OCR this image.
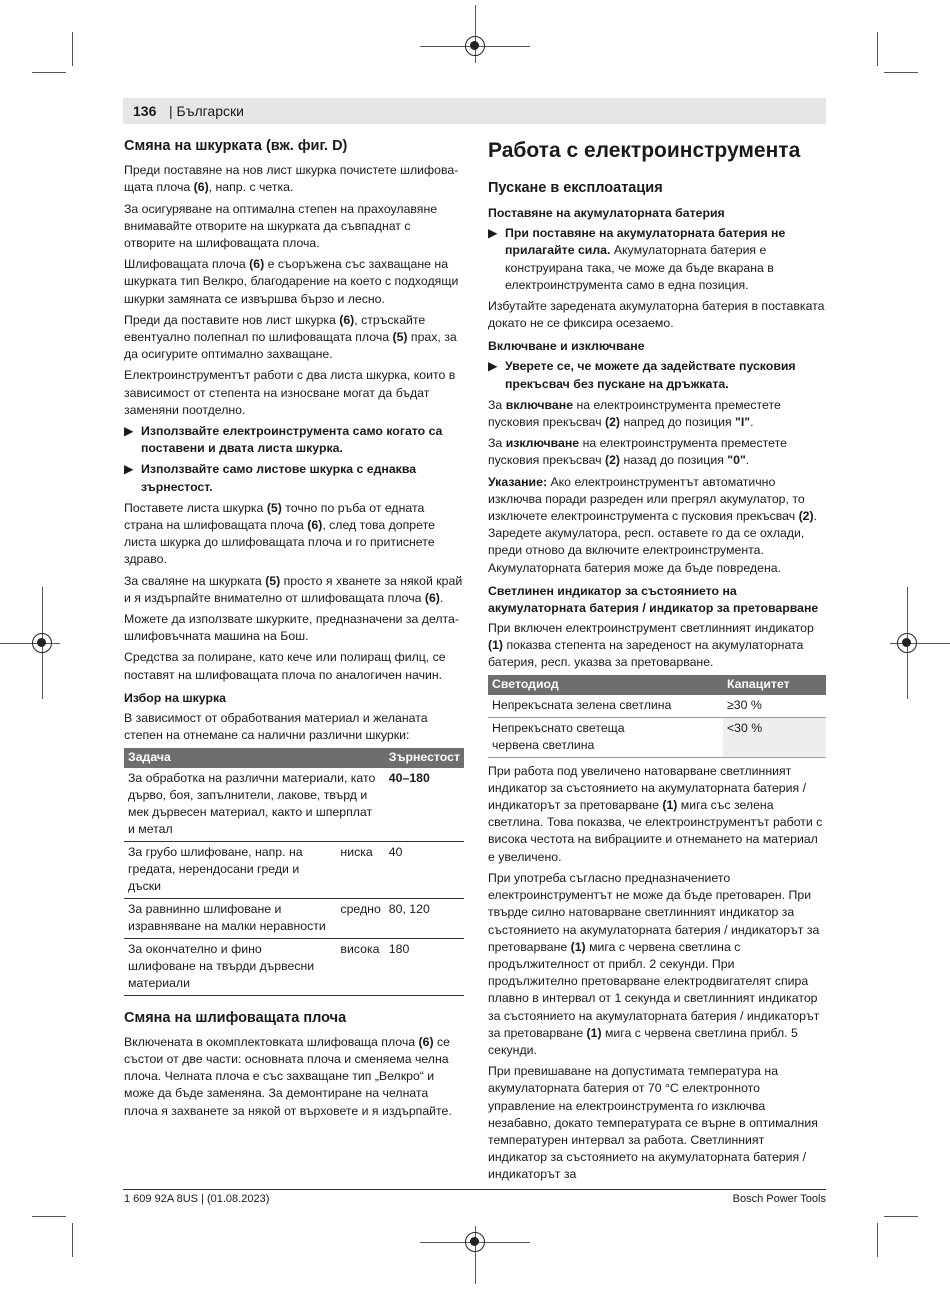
136 | Български
Смяна на шкурката (вж. фиг. D)

Преди поставяне на нов лист шкурка почистете шлифоващата плоча (6), напр. с четка.

За осигуряване на оптимална степен на прахоулавяне внимавайте отворите на шкурката да съвпаднат с отворите на шлифоващата плоча.

Шлифоващата плоча (6) е съоръжена със захващане на шкурката тип Велкро, благодарение на което с подходящи шкурки замяната се извършва бързо и лесно.

Преди да поставите нов лист шкурка (6), стръскайте евентуално полепнал по шлифоващата плоча (5) прах, за да осигурите оптимално захващане.

Електроинструментът работи с два листа шкурка, които в зависимост от степента на износване могат да бъдат заменяни поотделно.

▶ Използвайте електроинструмента само когато са поставени и двата листа шкурка.

▶ Използвайте само листове шкурка с еднаква зърнестост.

Поставете листа шкурка (5) точно по ръба от едната страна на шлифоващата плоча (6), след това допрете листа шкурка до шлифоващата плоча и го притиснете здраво.

За сваляне на шкурката (5) просто я хванете за някой край и я издърпайте внимателно от шлифоващата плоча (6).

Можете да използвате шкурките, предназначени за делта-шлифовъчната машина на Бош.

Средства за полиране, като кече или полиращ филц, се поставят на шлифоващата плоча по аналогичен начин.

Избор на шкурка

В зависимост от обработвания материал и желаната степен на отнемане са налични различни шкурки:

Задача		Зърнестост
За обработка на различни материали, като дърво, боя, запълнители, лакове, твърд и мек дървесен материал, както и шперплат и метал		40–180
За грубо шлифоване, напр. на гредата, нерендосани греди и дъски	ниска	40
За равнинно шлифоване и изравняване на малки неравности	средно	80, 120
За окончателно и фино шлифоване на твърди дървесни материали	висока	180
Смяна на шлифоващата плоча

Включената в окомплектовката шлифоваща плоча (6) се състои от две части: основната плоча и сменяема челна плоча. Челната плоча е със захващане тип „Велкро“ и може да бъде заменяна. За демонтиране на челната плоча я захванете за някой от върховете и я издърпайте.

Работа с електроинструмента
Пускане в експлоатация
Поставяне на акумулаторната батерия

▶ При поставяне на акумулаторната батерия не прилагайте сила. Акумулаторната батерия е конструирана така, че може да бъде вкарана в електроинструмента само в една позиция.

Избутайте заредената акумулаторна батерия в поставката докато не се фиксира осезаемо.

Включване и изключване

▶ Уверете се, че можете да задействате пусковия прекъсвач без пускане на дръжката.

За включване на електроинструмента преместете пусковия прекъсвач (2) напред до позиция "I".

За изключване на електроинструмента преместете пусковия прекъсвач (2) назад до позиция "0".

Указание: Ако електроинструментът автоматично изключва поради разреден или прегрял акумулатор, то изключете електроинструмента с пусковия прекъсвач (2). Заредете акумулатора, респ. оставете го да се охлади, преди отново да включите електроинструмента. Акумулаторната батерия може да бъде повредена.

Светлинен индикатор за състоянието на акумулаторната батерия / индикатор за претоварване

При включен електроинструмент светлинният индикатор (1) показва степента на зареденост на акумулаторната батерия, респ. указва за претоварване.

Светодиод	Капацитет
Непрекъсната зелена светлина	≥30 %
Непрекъснато светеща червена светлина	<30 %

При работа под увеличено натоварване светлинният индикатор за състоянието на акумулаторната батерия / индикаторът за претоварване (1) мига със зелена светлина. Това показва, че електроинструментът работи с висока честота на вибрациите и отнемането на материал е увеличено.

При употреба съгласно предназначението електроинструментът не може да бъде претоварен. При твърде силно натоварване светлинният индикатор за състоянието на акумулаторната батерия / индикаторът за претоварване (1) мига с червена светлина с продължителност от прибл. 2 секунди. При продължително претоварване електродвигателят спира плавно в интервал от 1 секунда и светлинният индикатор за състоянието на акумулаторната батерия / индикаторът за претоварване (1) мига с червена светлина прибл. 5 секунди.

При превишаване на допустимата температура на акумулаторната батерия от 70 °C електронното управление на електроинструмента го изключва незабавно, докато температурата се върне в оптималния температурен интервал за работа. Светлинният индикатор за състоянието на акумулаторната батерия / индикаторът за

1 609 92A 8US | (01.08.2023)	Bosch Power Tools
